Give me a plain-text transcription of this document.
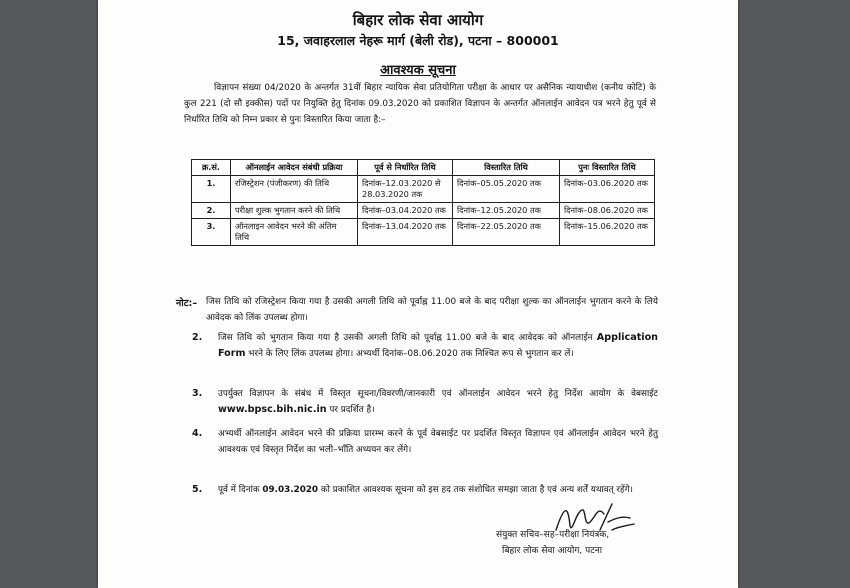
बिहार लोक सेवा आयोग
15, जवाहरलाल नेहरू मार्ग (बेली रोड), पटना – 800001
आवश्यक सूचना
विज्ञापन संख्या 04/2020 के अन्तर्गत 31वीं बिहार न्यायिक सेवा प्रतियोगिता परीक्षा के आधार पर असैनिक न्यायाधीश (कनीय कोटि) के कुल 221 (दो सौ इक्कीस) पदों पर नियुक्ति हेतु दिनांक 09.03.2020 को प्रकाशित विज्ञापन के अन्तर्गत ऑनलाईन आवेदन पत्र भरने हेतु पूर्व से निर्धारित तिथि को निम्न प्रकार से पुनः विस्तारित किया जाता है:–
क्र.सं.	ऑनलाईन आवेदन संबंधी प्रक्रिया	पूर्व से निर्धारित तिथि	विस्तारित तिथि	पुनः विस्तारित तिथि
1.	रजिस्ट्रेशन (पंजीकरण) की तिथि	दिनांक–12.03.2020 से 28.03.2020 तक	दिनांक–05.05.2020 तक	दिनांक–03.06.2020 तक
2.	परीक्षा शुल्क भुगतान करने की तिथि	दिनांक–03.04.2020 तक	दिनांक–12.05.2020 तक	दिनांक–08.06.2020 तक
3.	ऑनलाइन आवेदन भरने की अंतिम तिथि	दिनांक–13.04.2020 तक	दिनांक–22.05.2020 तक	दिनांक–15.06.2020 तक
नोट:– जिस तिथि को रजिस्ट्रेशन किया गया है उसकी अगली तिथि को पूर्वाह्न 11.00 बजे के बाद परीक्षा शुल्क का ऑनलाईन भुगतान करने के लिये आवेदक को लिंक उपलब्ध होगा।
2. जिस तिथि को भुगतान किया गया है उसकी अगली तिथि को पूर्वाह्न 11.00 बजे के बाद आवेदक को ऑनलाईन Application Form भरने के लिए लिंक उपलब्ध होगा। अभ्यर्थी दिनांक–08.06.2020 तक निश्चित रूप से भुगतान कर लें।
3. उपर्युक्त विज्ञापन के संबंध में विस्तृत सूचना/विवरणी/जानकारी एवं ऑनलाईन आवेदन भरने हेतु निर्देश आयोग के वेबसाईट www.bpsc.bih.nic.in पर प्रदर्शित है।
4. अभ्यर्थी ऑनलाईन आवेदन भरने की प्रक्रिया प्रारम्भ करने के पूर्व वेबसाईट पर प्रदर्शित विस्तृत विज्ञापन एवं ऑनलाईन आवेदन भरने हेतु आवश्यक एवं विस्तृत निर्देश का भली–भाँति अध्ययन कर लेंगे।
5. पूर्व में दिनांक 09.03.2020 को प्रकाशित आवश्यक सूचना को इस हद तक संशोधित समझा जाता है एवं अन्य शर्तें यथावत् रहेंगे।
संयुक्त सचिव–सह–परीक्षा नियंत्रक,
बिहार लोक सेवा आयोग, पटना
